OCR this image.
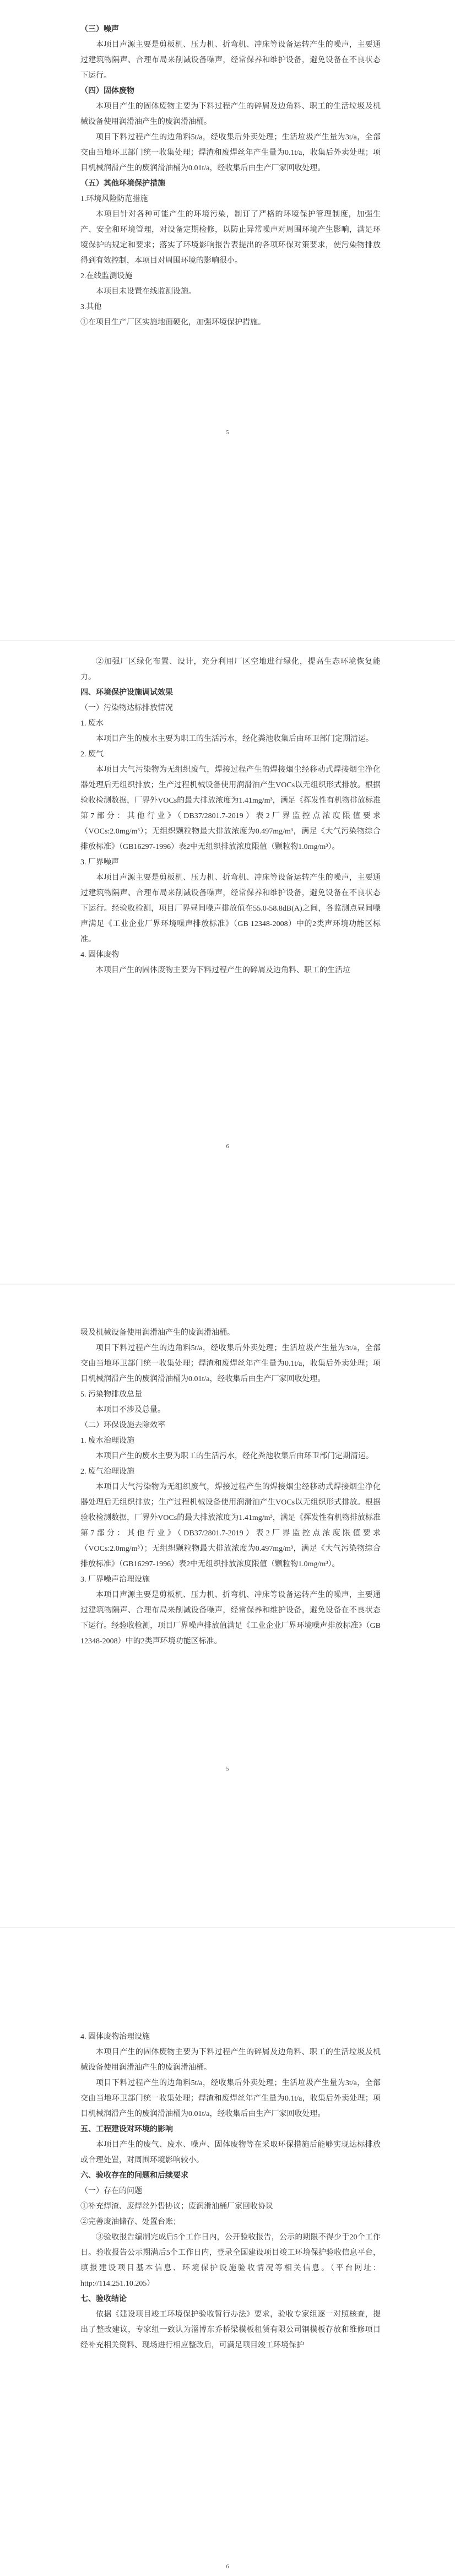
（三）噪声

本项目声源主要是剪板机、压力机、折弯机、冲床等设备运转产生的噪声，主要通过建筑物隔声、合理布局来削减设备噪声，经常保养和维护设备，避免设备在不良状态下运行。

（四）固体废物

本项目产生的固体废物主要为下料过程产生的碎屑及边角料、职工的生活垃圾及机械设备使用润滑油产生的废润滑油桶。

项目下料过程产生的边角料5t/a，经收集后外卖处理；生活垃圾产生量为3t/a，全部交由当地环卫部门统一收集处理；焊渣和废焊丝年产生量为0.1t/a，收集后外卖处理；项目机械润滑产生的废润滑油桶为0.01t/a，经收集后由生产厂家回收处理。

（五）其他环境保护措施

1.环境风险防范措施

本项目针对各种可能产生的环境污染，制订了严格的环境保护管理制度，加强生产、安全和环境管理，对设备定期检修，以防止异常噪声对周围环境产生影响，满足环境保护的规定和要求；落实了环境影响报告表提出的各项环保对策要求，使污染物排放得到有效控制，本项目对周围环境的影响很小。

2.在线监测设施

本项目未设置在线监测设施。

3.其他

①在项目生产厂区实施地面硬化，加强环境保护措施。

5

②加强厂区绿化布置、设计，充分利用厂区空地进行绿化，提高生态环境恢复能力。

四、环境保护设施调试效果

（一）污染物达标排放情况

1. 废水

本项目产生的废水主要为职工的生活污水，经化粪池收集后由环卫部门定期清运。

2. 废气

本项目大气污染物为无组织废气，焊接过程产生的焊接烟尘经移动式焊接烟尘净化器处理后无组织排放；生产过程机械设备使用润滑油产生VOCs以无组织形式排放。根据验收检测数据，厂界外VOCs的最大排放浓度为1.41mg/m³，满足《挥发性有机物排放标准 第7部分：其他行业》（DB37/2801.7-2019）表2厂界监控点浓度限值要求（VOCs:2.0mg/m³）；无组织颗粒物最大排放浓度为0.497mg/m³，满足《大气污染物综合排放标准》（GB16297-1996）表2中无组织排放浓度限值（颗粒物1.0mg/m³）。

3. 厂界噪声

本项目声源主要是剪板机、压力机、折弯机、冲床等设备运转产生的噪声，主要通过建筑物隔声、合理布局来削减设备噪声，经常保养和维护设备，避免设备在不良状态下运行。经验收检测，项目厂界昼间噪声排放值在55.0-58.8dB(A)之间，各监测点昼间噪声满足《工业企业厂界环境噪声排放标准》（GB 12348-2008）中的2类声环境功能区标准。

4. 固体废物

本项目产生的固体废物主要为下料过程产生的碎屑及边角料、职工的生活垃

6

圾及机械设备使用润滑油产生的废润滑油桶。

项目下料过程产生的边角料5t/a，经收集后外卖处理；生活垃圾产生量为3t/a，全部交由当地环卫部门统一收集处理；焊渣和废焊丝年产生量为0.1t/a，收集后外卖处理；项目机械润滑产生的废润滑油桶为0.01t/a，经收集后由生产厂家回收处理。

5. 污染物排放总量

本项目不涉及总量。

（二）环保设施去除效率

1. 废水治理设施

本项目产生的废水主要为职工的生活污水，经化粪池收集后由环卫部门定期清运。

2. 废气治理设施

本项目大气污染物为无组织废气，焊接过程产生的焊接烟尘经移动式焊接烟尘净化器处理后无组织排放；生产过程机械设备使用润滑油产生VOCs以无组织形式排放。根据验收检测数据，厂界外VOCs的最大排放浓度为1.41mg/m³，满足《挥发性有机物排放标准 第7部分：其他行业》（DB37/2801.7-2019）表2厂界监控点浓度限值要求（VOCs:2.0mg/m³）；无组织颗粒物最大排放浓度为0.497mg/m³，满足《大气污染物综合排放标准》（GB16297-1996）表2中无组织排放浓度限值（颗粒物1.0mg/m³）。

3. 厂界噪声治理设施

本项目声源主要是剪板机、压力机、折弯机、冲床等设备运转产生的噪声，主要通过建筑物隔声、合理布局来削减设备噪声，经常保养和维护设备，避免设备在不良状态下运行。经验收检测，项目厂界噪声排放值满足《工业企业厂界环境噪声排放标准》（GB 12348-2008）中的2类声环境功能区标准。

5

4. 固体废物治理设施

本项目产生的固体废物主要为下料过程产生的碎屑及边角料、职工的生活垃圾及机械设备使用润滑油产生的废润滑油桶。

项目下料过程产生的边角料5t/a，经收集后外卖处理；生活垃圾产生量为3t/a，全部交由当地环卫部门统一收集处理；焊渣和废焊丝年产生量为0.1t/a，收集后外卖处理；项目机械润滑产生的废润滑油桶为0.01t/a，经收集后由生产厂家回收处理。

五、工程建设对环境的影响

本项目产生的废气、废水、噪声、固体废物等在采取环保措施后能够实现达标排放或合理处置，对周围环境影响较小。

六、验收存在的问题和后续要求

（一）存在的问题

①补充焊渣、废焊丝外售协议；废润滑油桶厂家回收协议

②完善废油储存、处置台账；

③验收报告编制完成后5个工作日内，公开验收报告，公示的期限不得少于20个工作日。验收报告公示期满后5个工作日内，登录全国建设项目竣工环境保护验收信息平台，填报建设项目基本信息、环境保护设施验收情况等相关信息。（平台网址：http://114.251.10.205）

七、验收结论

依据《建设项目竣工环境保护验收暂行办法》要求，验收专家组逐一对照核查，提出了整改建议，专家组一致认为淄博东乔桥梁模板租赁有限公司钢模板存放和维修项目经补充相关资料、现场进行相应整改后，可满足项目竣工环境保护

6
